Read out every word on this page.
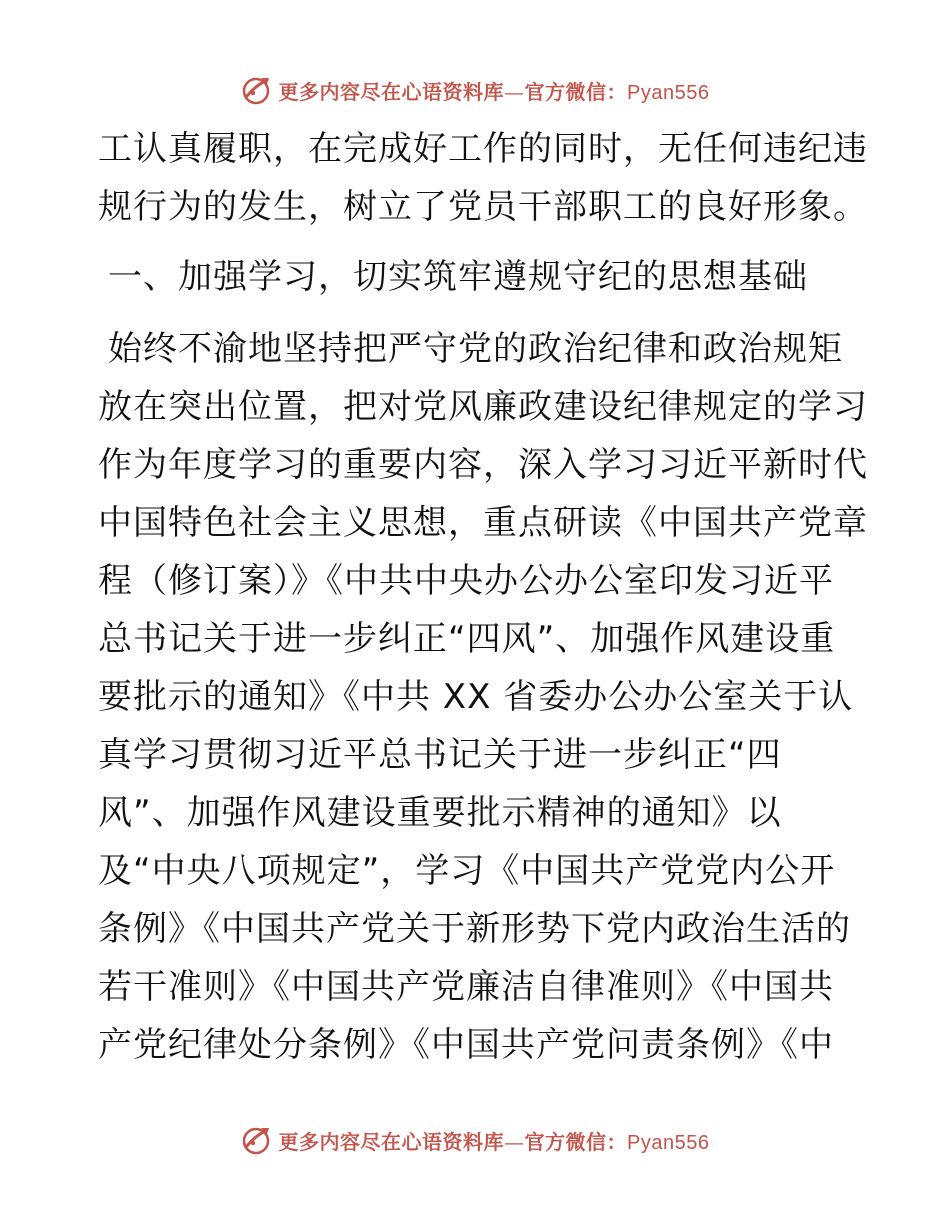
更多内容尽在心语资料库—官方微信：Pyan556
工认真履职，在完成好工作的同时，无任何违纪违
规行为的发生，树立了党员干部职工的良好形象。
一、加强学习，切实筑牢遵规守纪的思想基础
始终不渝地坚持把严守党的政治纪律和政治规矩
放在突出位置，把对党风廉政建设纪律规定的学习
作为年度学习的重要内容，深入学习习近平新时代
中国特色社会主义思想，重点研读《中国共产党章
程（修订案）》《中共中央办公办公室印发习近平
总书记关于进一步纠正“四风”、加强作风建设重
要批示的通知》《中共 XX 省委办公办公室关于认
真学习贯彻习近平总书记关于进一步纠正“四
风”、加强作风建设重要批示精神的通知》以
及“中央八项规定”，学习《中国共产党党内公开
条例》《中国共产党关于新形势下党内政治生活的
若干准则》《中国共产党廉洁自律准则》《中国共
产党纪律处分条例》《中国共产党问责条例》《中
更多内容尽在心语资料库—官方微信：Pyan556
